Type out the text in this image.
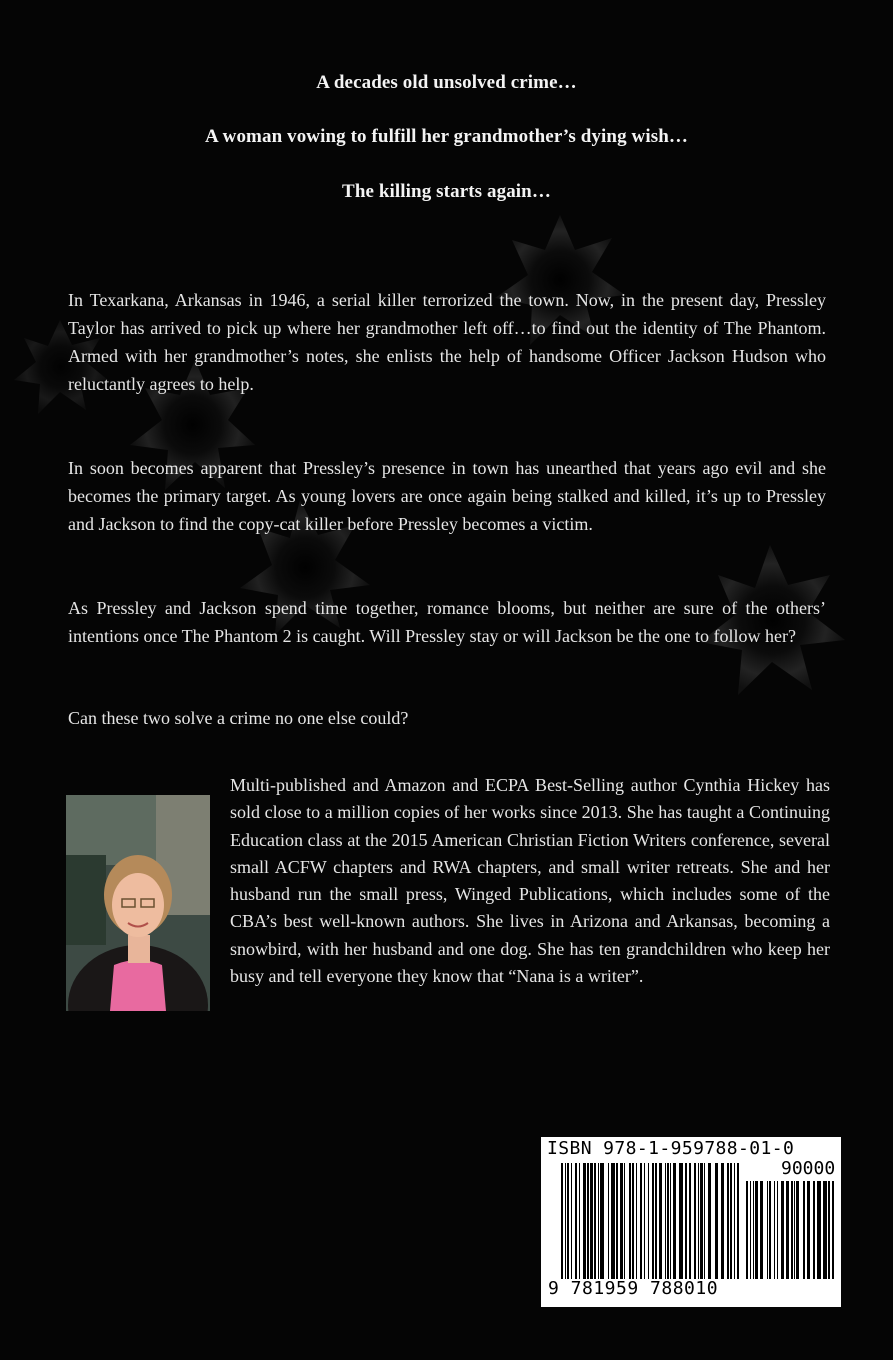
A decades old unsolved crime…
A woman vowing to fulfill her grandmother’s dying wish…
The killing starts again…

In Texarkana, Arkansas in 1946, a serial killer terrorized the town. Now, in the present day, Pressley Taylor has arrived to pick up where her grandmother left off…to find out the identity of The Phantom. Armed with her grandmother’s notes, she enlists the help of handsome Officer Jackson Hudson who reluctantly agrees to help.

In soon becomes apparent that Pressley’s presence in town has unearthed that years ago evil and she becomes the primary target. As young lovers are once again being stalked and killed, it’s up to Pressley and Jackson to find the copy-cat killer before Pressley becomes a victim.

As Pressley and Jackson spend time together, romance blooms, but neither are sure of the others’ intentions once The Phantom 2 is caught. Will Pressley stay or will Jackson be the one to follow her?

Can these two solve a crime no one else could?

Multi-published and Amazon and ECPA Best-Selling author Cynthia Hickey has sold close to a million copies of her works since 2013. She has taught a Continuing Education class at the 2015 American Christian Fiction Writers conference, several small ACFW chapters and RWA chapters, and small writer retreats. She and her husband run the small press, Winged Publications, which includes some of the CBA’s best well-known authors. She lives in Arizona and Arkansas, becoming a snowbird, with her husband and one dog. She has ten grandchildren who keep her busy and tell everyone they know that “Nana is a writer”.

ISBN 978-1-959788-01-0
90000
9 781959 788010
